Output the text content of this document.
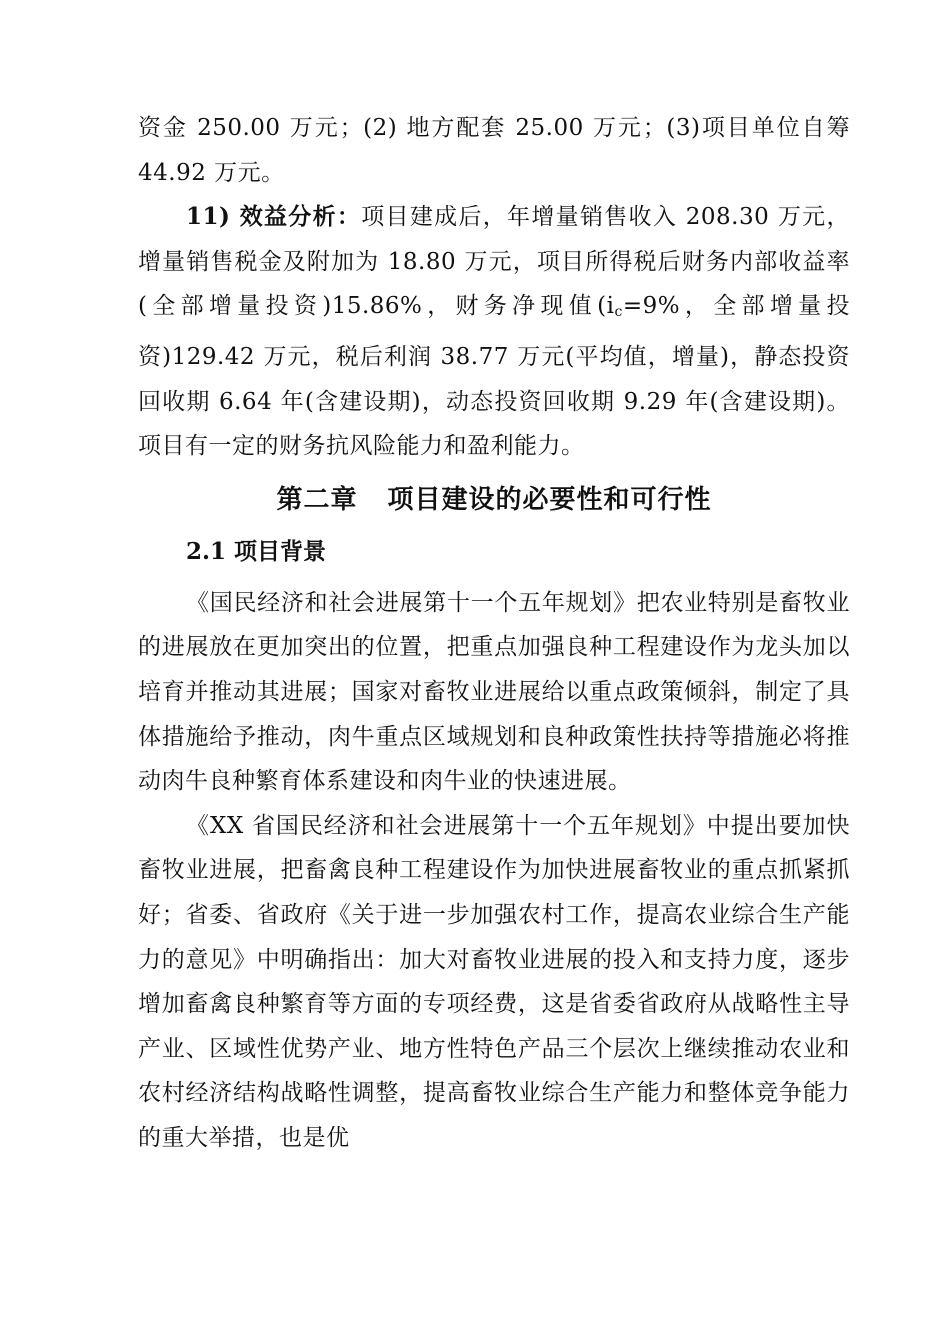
资金 250.00 万元；(2) 地方配套 25.00 万元；(3)项目单位自筹 44.92 万元。

11) 效益分析：项目建成后，年增量销售收入 208.30 万元，增量销售税金及附加为 18.80 万元，项目所得税后财务内部收益率(全部增量投资)15.86%，财务净现值($i_c=9\%$，全部增量投资)129.42 万元，税后利润 38.77 万元(平均值，增量)，静态投资回收期 6.64 年(含建设期)，动态投资回收期 9.29 年(含建设期)。项目有一定的财务抗风险能力和盈利能力。

第二章 项目建设的必要性和可行性
2.1 项目背景

《国民经济和社会进展第十一个五年规划》把农业特别是畜牧业的进展放在更加突出的位置，把重点加强良种工程建设作为龙头加以培育并推动其进展；国家对畜牧业进展给以重点政策倾斜，制定了具体措施给予推动，肉牛重点区域规划和良种政策性扶持等措施必将推动肉牛良种繁育体系建设和肉牛业的快速进展。

《XX 省国民经济和社会进展第十一个五年规划》中提出要加快畜牧业进展，把畜禽良种工程建设作为加快进展畜牧业的重点抓紧抓好；省委、省政府《关于进一步加强农村工作，提高农业综合生产能力的意见》中明确指出：加大对畜牧业进展的投入和支持力度，逐步增加畜禽良种繁育等方面的专项经费，这是省委省政府从战略性主导产业、区域性优势产业、地方性特色产品三个层次上继续推动农业和农村经济结构战略性调整，提高畜牧业综合生产能力和整体竞争能力的重大举措，也是优
